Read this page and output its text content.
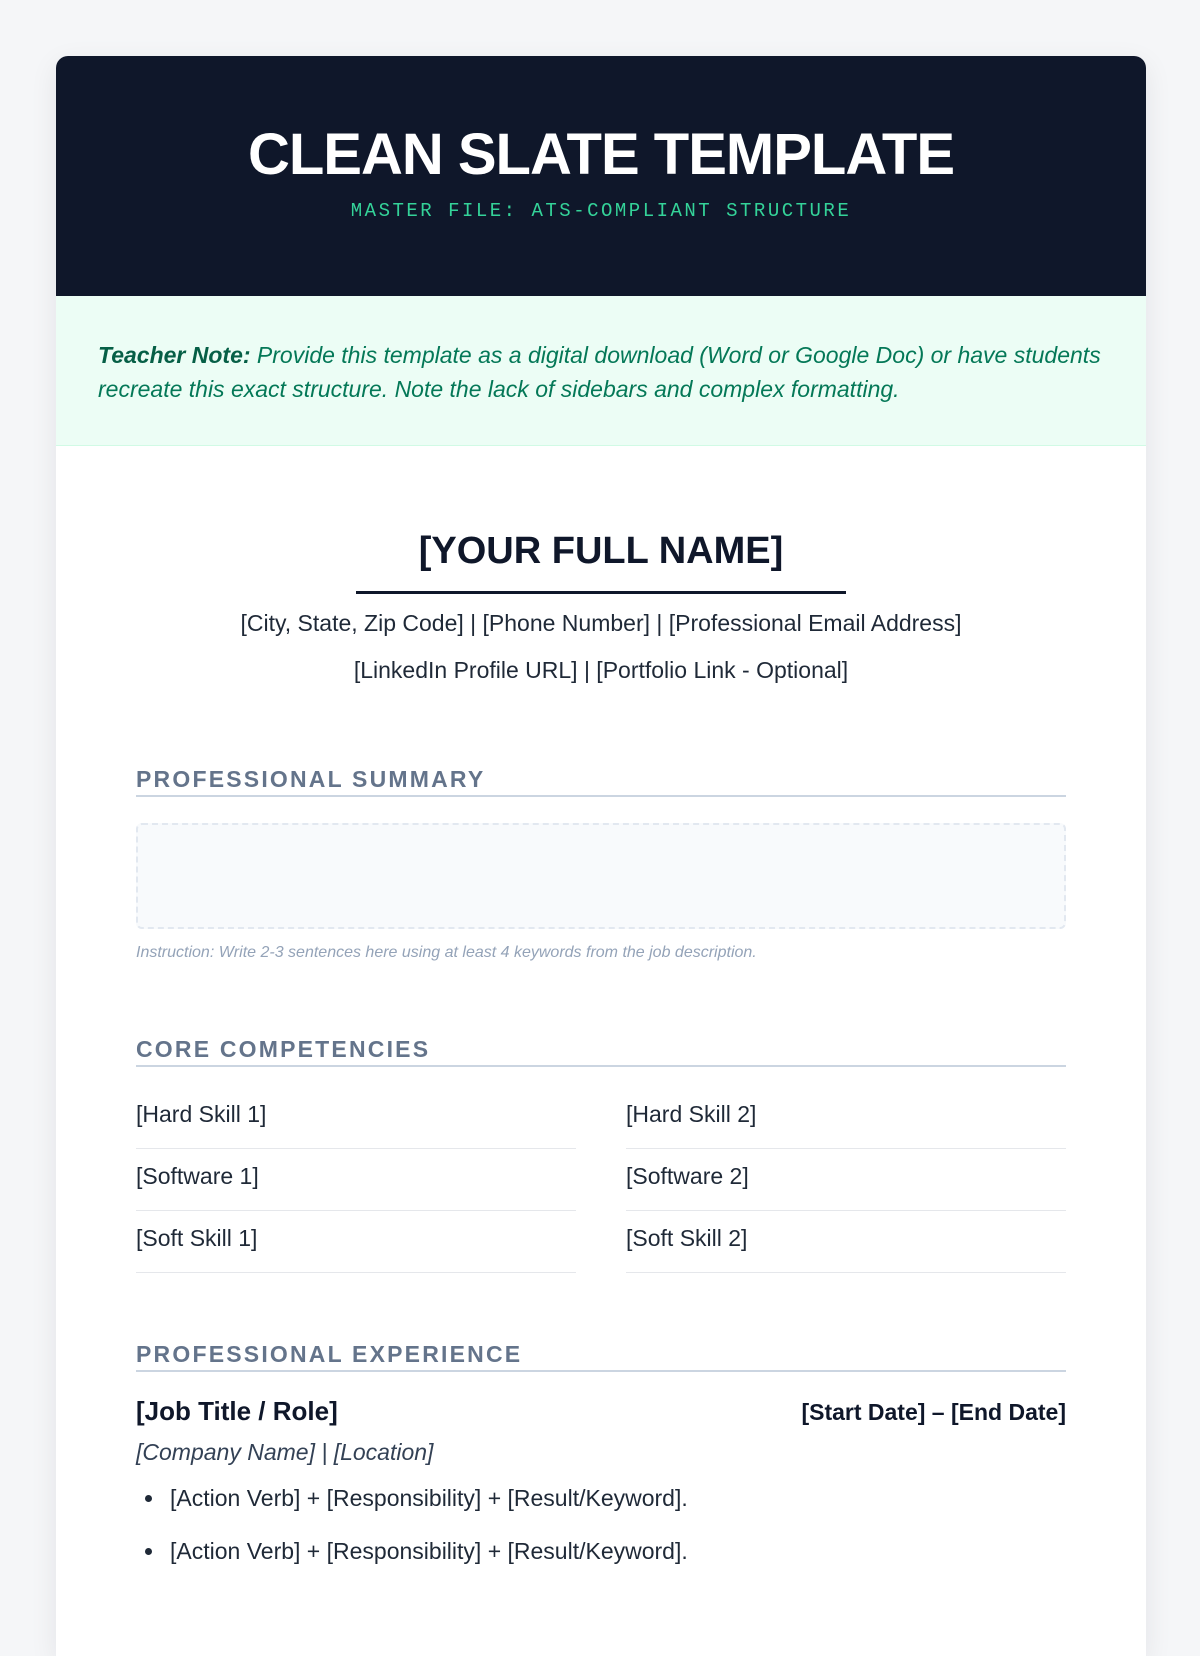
CLEAN SLATE TEMPLATE
MASTER FILE: ATS-COMPLIANT STRUCTURE
Teacher Note: Provide this template as a digital download (Word or Google Doc) or have students recreate this exact structure. Note the lack of sidebars and complex formatting.
[YOUR FULL NAME]
[City, State, Zip Code] | [Phone Number] | [Professional Email Address]
[LinkedIn Profile URL] | [Portfolio Link - Optional]
PROFESSIONAL SUMMARY
Instruction: Write 2-3 sentences here using at least 4 keywords from the job description.
CORE COMPETENCIES
[Hard Skill 1]	[Hard Skill 2]
[Software 1]	[Software 2]
[Soft Skill 1]	[Soft Skill 2]
PROFESSIONAL EXPERIENCE
[Job Title / Role]	[Start Date] – [End Date]
[Company Name] | [Location]
[Action Verb] + [Responsibility] + [Result/Keyword].
[Action Verb] + [Responsibility] + [Result/Keyword].
